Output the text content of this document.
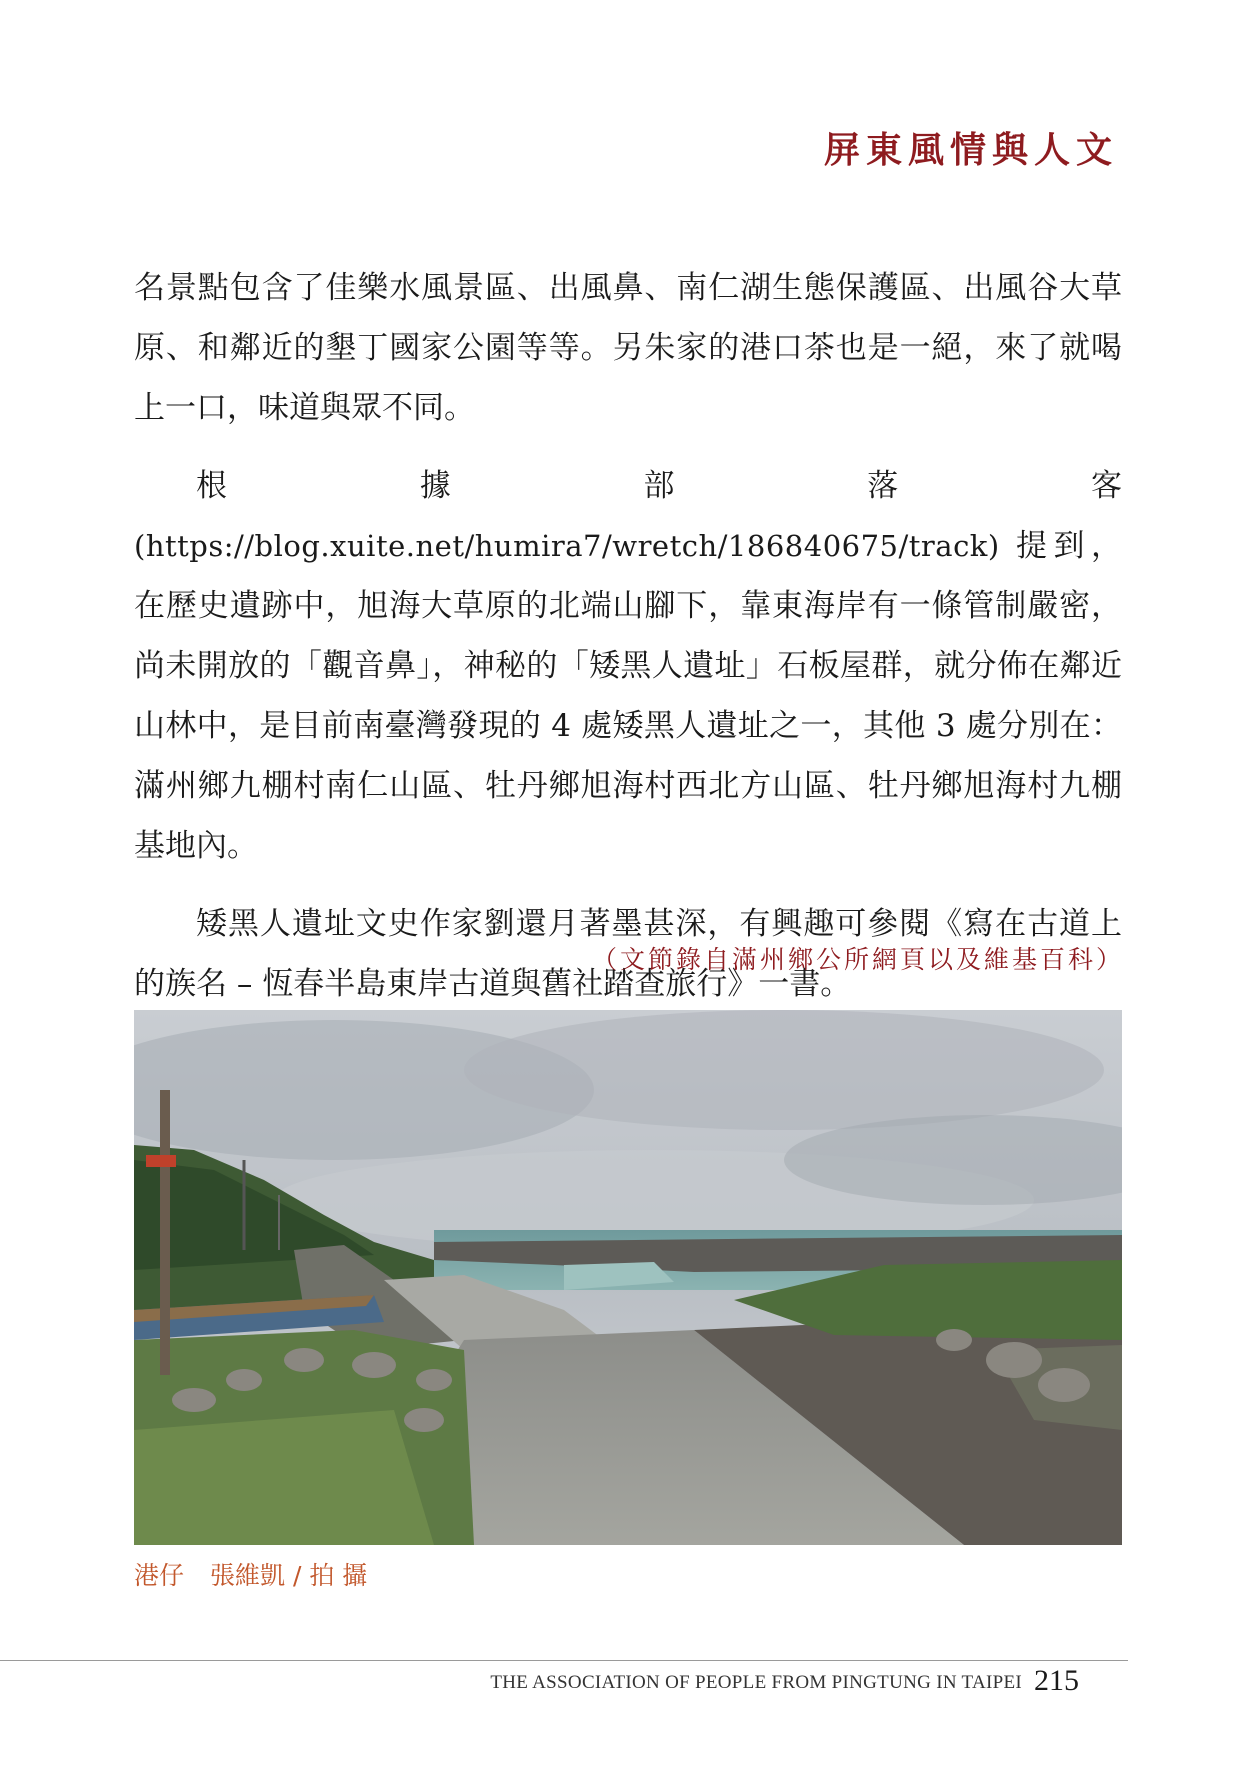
屏東風情與人文

名景點包含了佳樂水風景區、出風鼻、南仁湖生態保護區、出風谷大草原、和鄰近的墾丁國家公園等等。另朱家的港口茶也是一絕，來了就喝上一口，味道與眾不同。

根 據 部 落 客 (https://blog.xuite.net/humira7/wretch/186840675/track) 提到，在歷史遺跡中，旭海大草原的北端山腳下，靠東海岸有一條管制嚴密，尚未開放的「觀音鼻」，神秘的「矮黑人遺址」石板屋群，就分佈在鄰近山林中，是目前南臺灣發現的 4 處矮黑人遺址之一，其他 3 處分別在：滿州鄉九棚村南仁山區、牡丹鄉旭海村西北方山區、牡丹鄉旭海村九棚基地內。

矮黑人遺址文史作家劉還月著墨甚深，有興趣可參閱《寫在古道上的族名 – 恆春半島東岸古道與舊社踏查旅行》一書。

（文節錄自滿州鄉公所網頁以及維基百科）
港仔 張維凱 / 拍 攝
THE ASSOCIATION OF PEOPLE FROM PINGTUNG IN TAIPEI 215
